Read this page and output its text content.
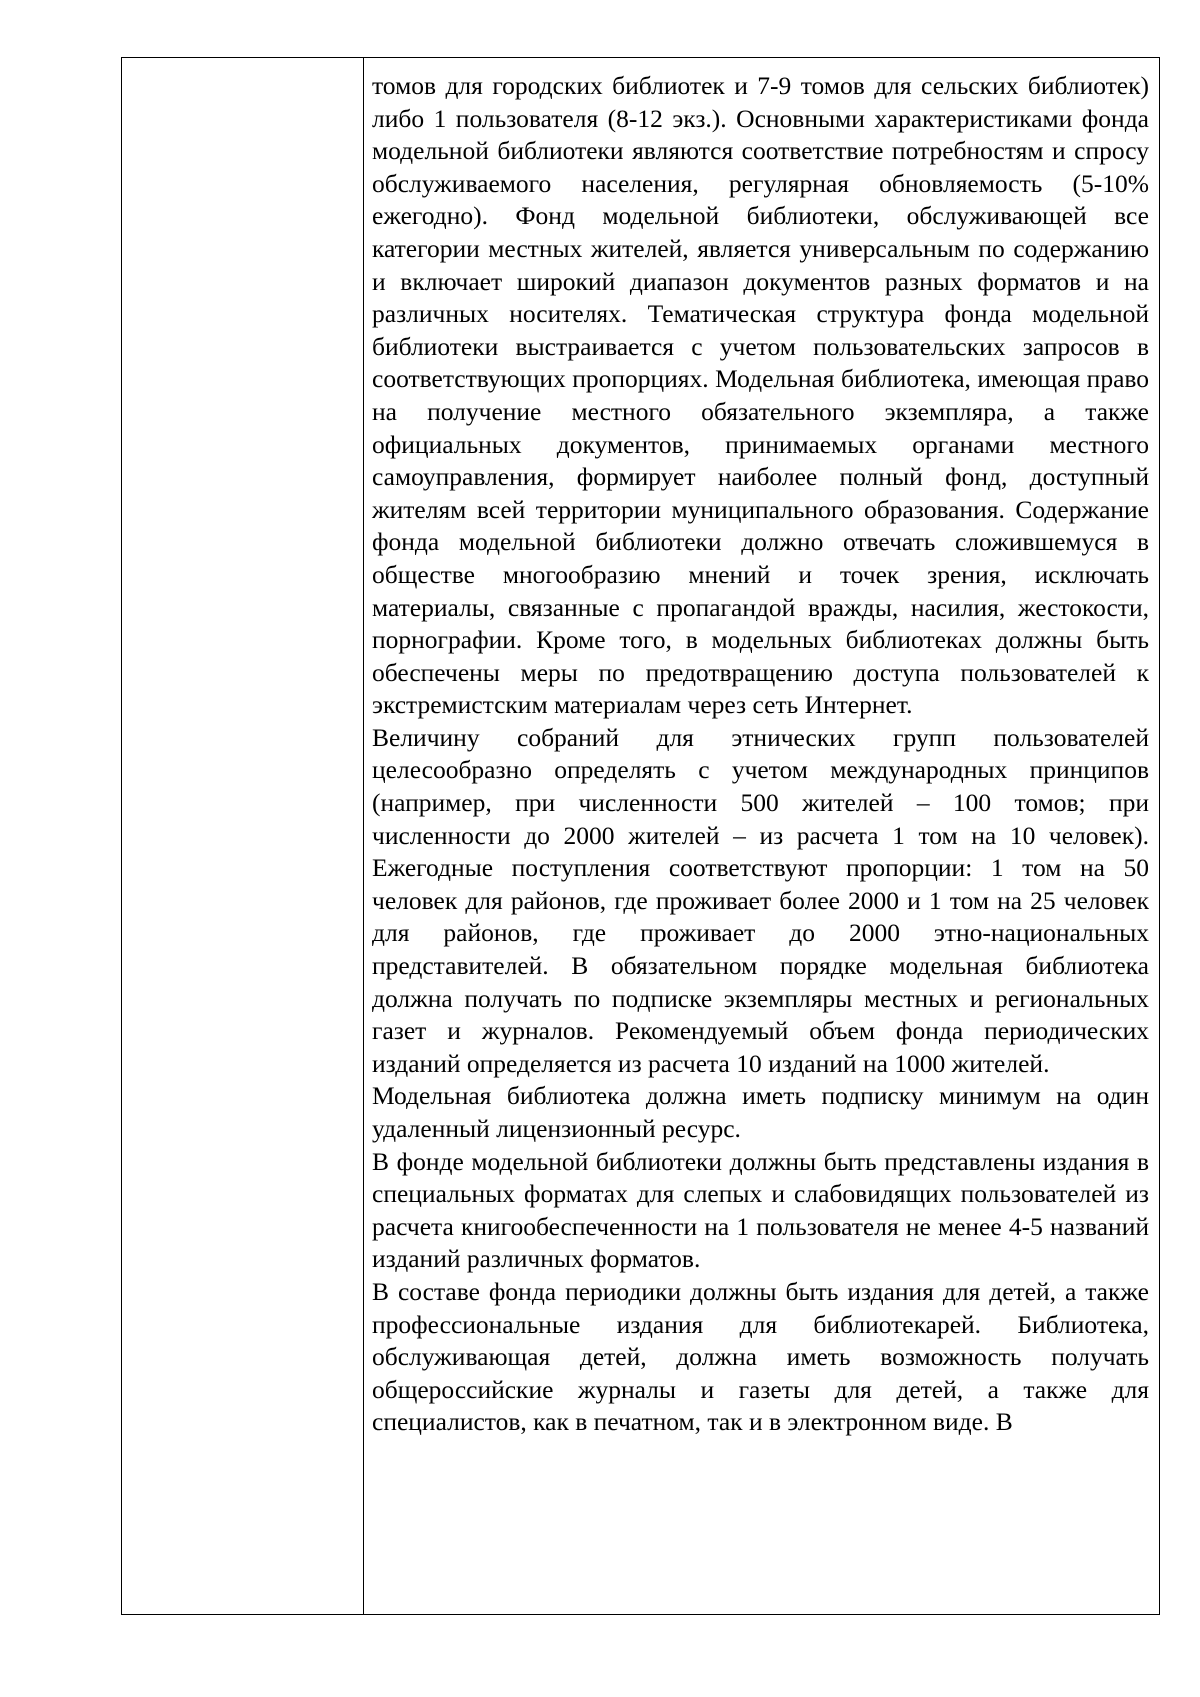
томов для городских библиотек и 7-9 томов для сельских библиотек) либо 1 пользователя (8-12 экз.). Основными характеристиками фонда модельной библиотеки являются соответствие потребностям и спросу обслуживаемого населения, регулярная обновляемость (5-10% ежегодно). Фонд модельной библиотеки, обслуживающей все категории местных жителей, является универсальным по содержанию и включает широкий диапазон документов разных форматов и на различных носителях. Тематическая структура фонда модельной библиотеки выстраивается с учетом пользовательских запросов в соответствующих пропорциях. Модельная библиотека, имеющая право на получение местного обязательного экземпляра, а также официальных документов, принимаемых органами местного самоуправления, формирует наиболее полный фонд, доступный жителям всей территории муниципального образования. Содержание фонда модельной библиотеки должно отвечать сложившемуся в обществе многообразию мнений и точек зрения, исключать материалы, связанные с пропагандой вражды, насилия, жестокости, порнографии. Кроме того, в модельных библиотеках должны быть обеспечены меры по предотвращению доступа пользователей к экстремистским материалам через сеть Интернет.

Величину собраний для этнических групп пользователей целесообразно определять с учетом международных принципов (например, при численности 500 жителей – 100 томов; при численности до 2000 жителей – из расчета 1 том на 10 человек). Ежегодные поступления соответствуют пропорции: 1 том на 50 человек для районов, где проживает более 2000 и 1 том на 25 человек для районов, где проживает до 2000 этно-национальных представителей. В обязательном порядке модельная библиотека должна получать по подписке экземпляры местных и региональных газет и журналов. Рекомендуемый объем фонда периодических изданий определяется из расчета 10 изданий на 1000 жителей.

Модельная библиотека должна иметь подписку минимум на один удаленный лицензионный ресурс.

В фонде модельной библиотеки должны быть представлены издания в специальных форматах для слепых и слабовидящих пользователей из расчета книгообеспеченности на 1 пользователя не менее 4-5 названий изданий различных форматов.

В составе фонда периодики должны быть издания для детей, а также профессиональные издания для библиотекарей. Библиотека, обслуживающая детей, должна иметь возможность получать общероссийские журналы и газеты для детей, а также для специалистов, как в печатном, так и в электронном виде. В
